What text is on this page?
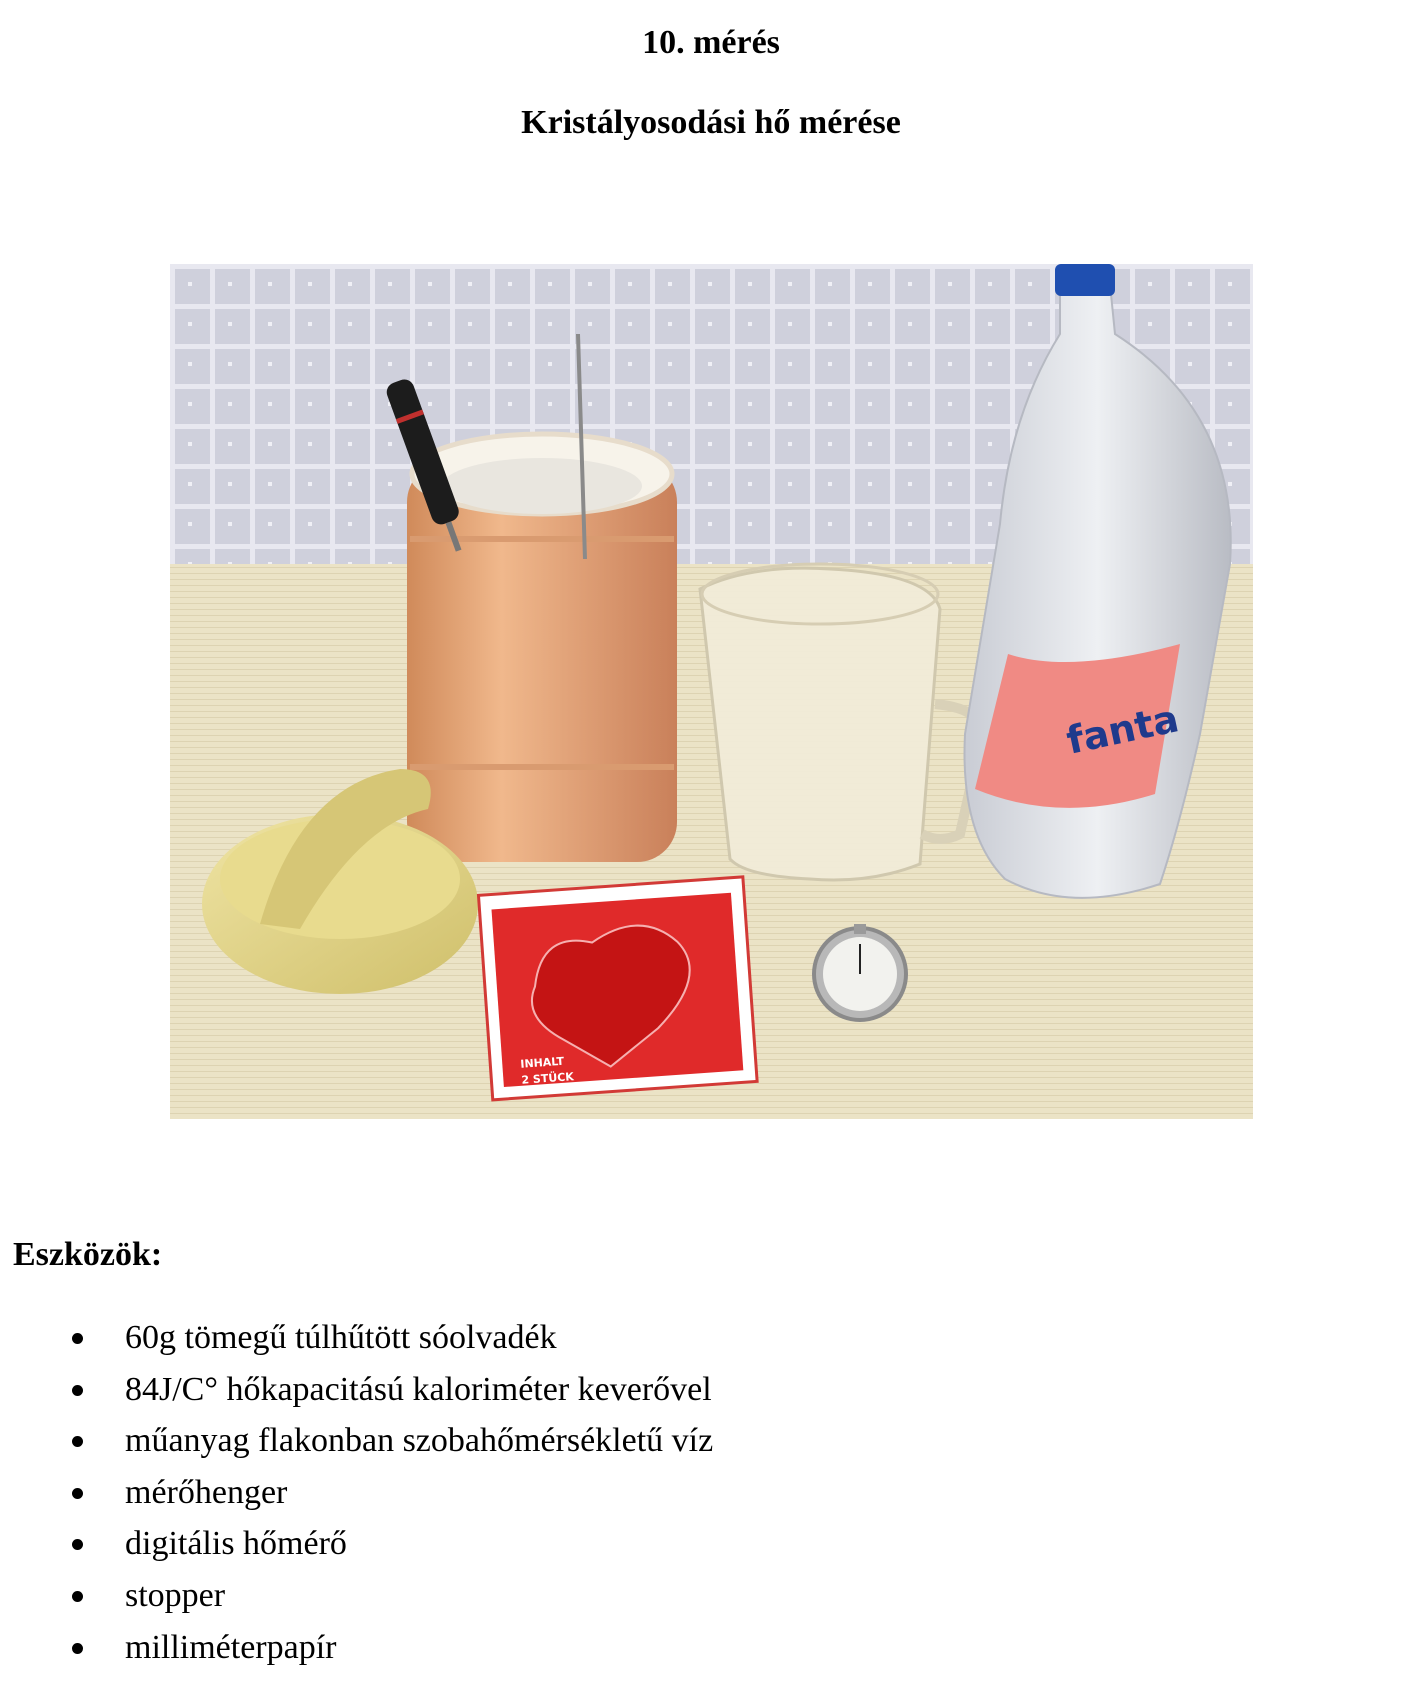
10. mérés
Kristályosodási hő mérése
fanta
INHALT
2 STÜCK
Eszközök:
60g tömegű túlhűtött sóolvadék
84J/C° hőkapacitású kaloriméter keverővel
műanyag flakonban szobahőmérsékletű víz
mérőhenger
digitális hőmérő
stopper
milliméterpapír
